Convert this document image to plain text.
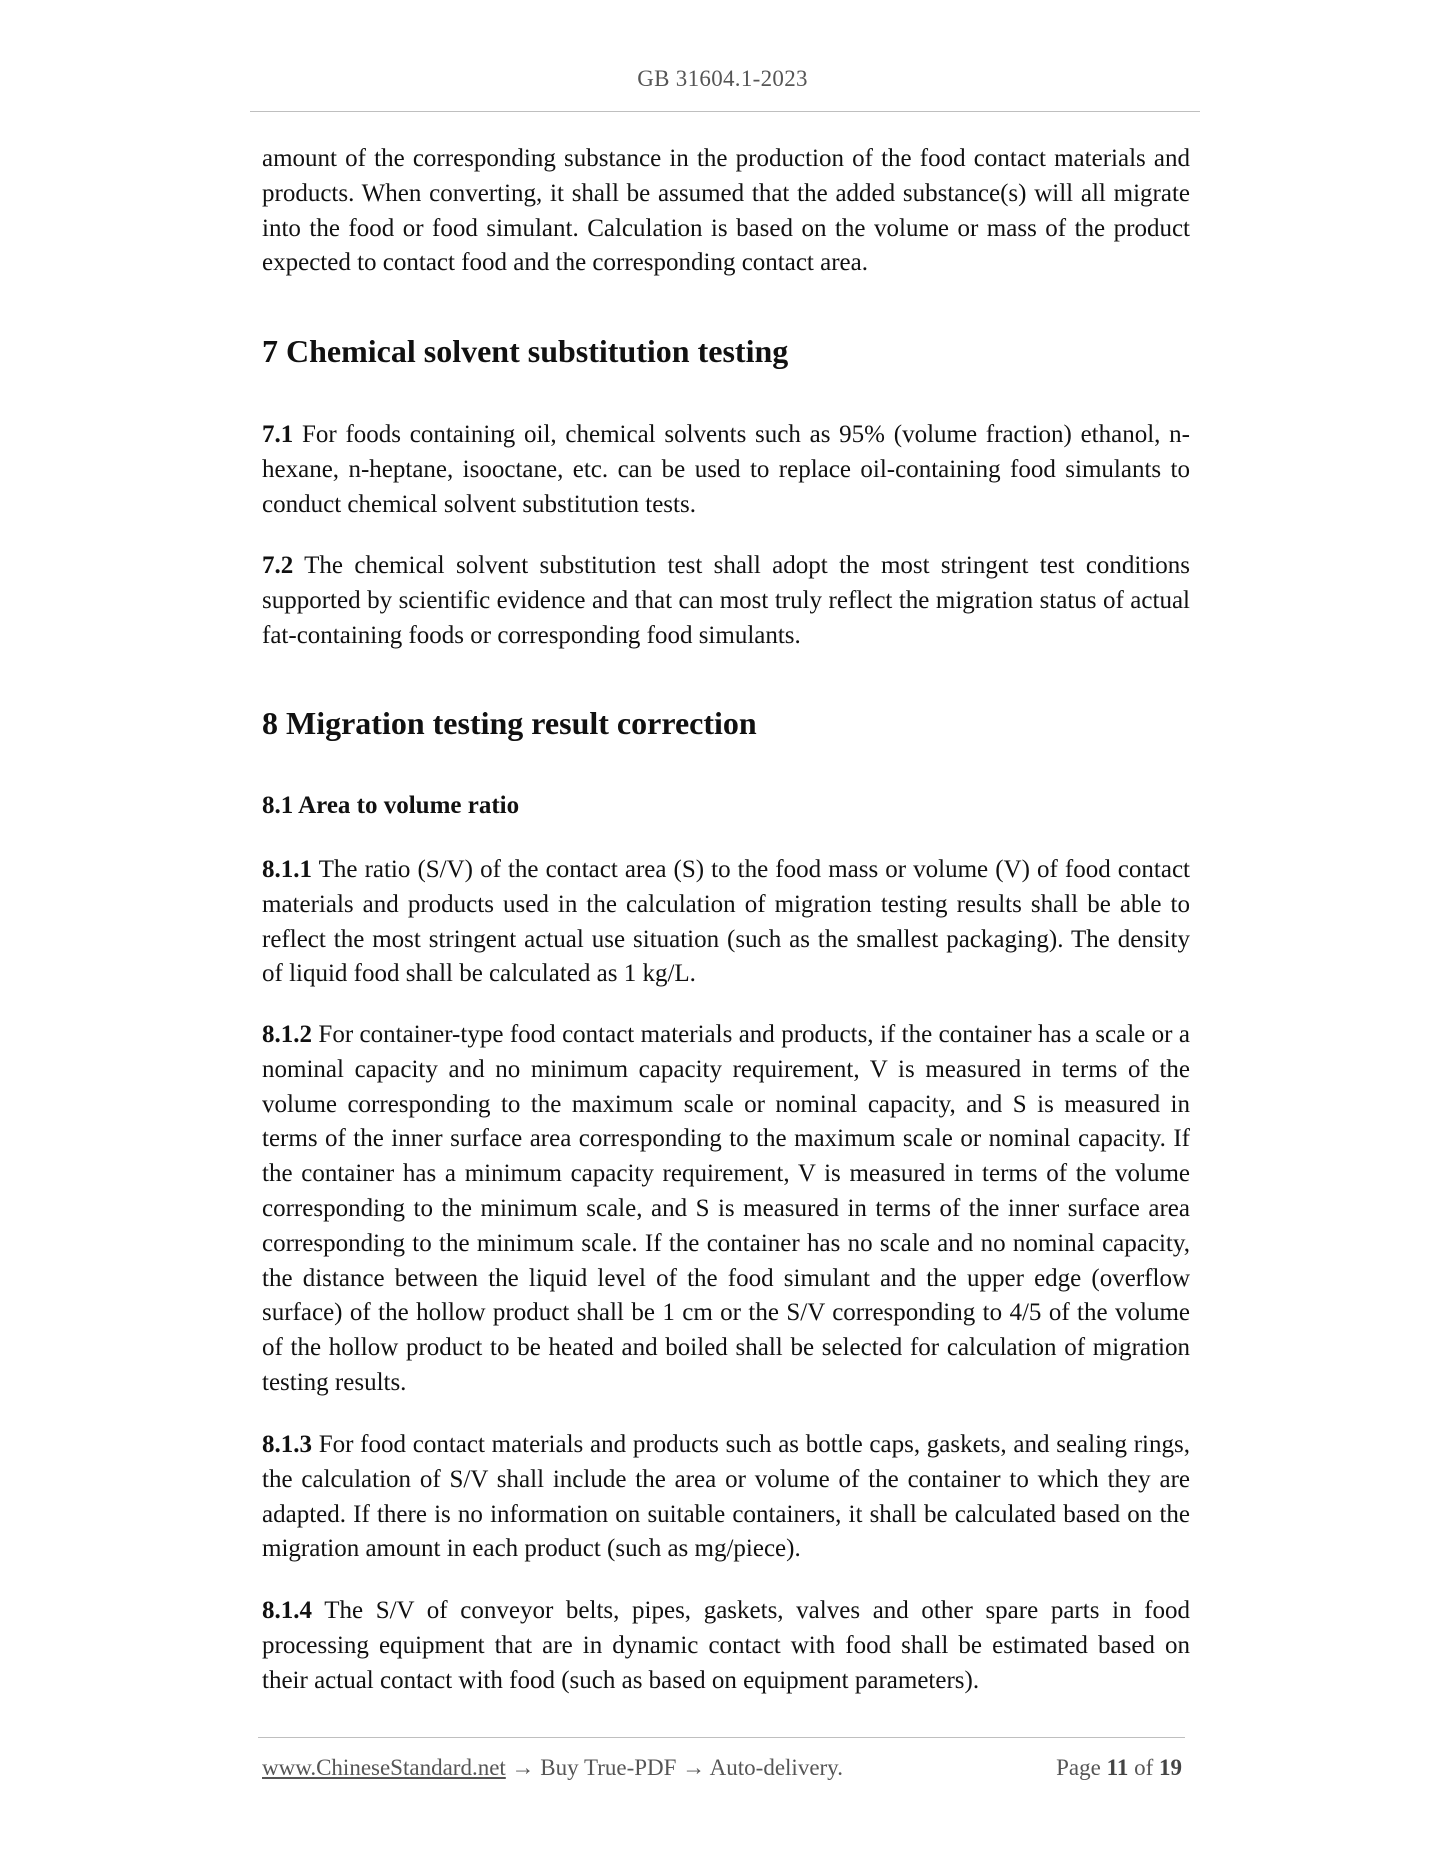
GB 31604.1-2023

amount of the corresponding substance in the production of the food contact materials and products. When converting, it shall be assumed that the added substance(s) will all migrate into the food or food simulant. Calculation is based on the volume or mass of the product expected to contact food and the corresponding contact area.

7 Chemical solvent substitution testing

7.1 For foods containing oil, chemical solvents such as 95% (volume fraction) ethanol, n-hexane, n-heptane, isooctane, etc. can be used to replace oil-containing food simulants to conduct chemical solvent substitution tests.

7.2 The chemical solvent substitution test shall adopt the most stringent test conditions supported by scientific evidence and that can most truly reflect the migration status of actual fat-containing foods or corresponding food simulants.

8 Migration testing result correction
8.1 Area to volume ratio

8.1.1 The ratio (S/V) of the contact area (S) to the food mass or volume (V) of food contact materials and products used in the calculation of migration testing results shall be able to reflect the most stringent actual use situation (such as the smallest packaging). The density of liquid food shall be calculated as 1 kg/L.

8.1.2 For container-type food contact materials and products, if the container has a scale or a nominal capacity and no minimum capacity requirement, V is measured in terms of the volume corresponding to the maximum scale or nominal capacity, and S is measured in terms of the inner surface area corresponding to the maximum scale or nominal capacity. If the container has a minimum capacity requirement, V is measured in terms of the volume corresponding to the minimum scale, and S is measured in terms of the inner surface area corresponding to the minimum scale. If the container has no scale and no nominal capacity, the distance between the liquid level of the food simulant and the upper edge (overflow surface) of the hollow product shall be 1 cm or the S/V corresponding to 4/5 of the volume of the hollow product to be heated and boiled shall be selected for calculation of migration testing results.

8.1.3 For food contact materials and products such as bottle caps, gaskets, and sealing rings, the calculation of S/V shall include the area or volume of the container to which they are adapted. If there is no information on suitable containers, it shall be calculated based on the migration amount in each product (such as mg/piece).

8.1.4 The S/V of conveyor belts, pipes, gaskets, valves and other spare parts in food processing equipment that are in dynamic contact with food shall be estimated based on their actual contact with food (such as based on equipment parameters).

www.ChineseStandard.net → Buy True-PDF → Auto-delivery.	Page 11 of 19
